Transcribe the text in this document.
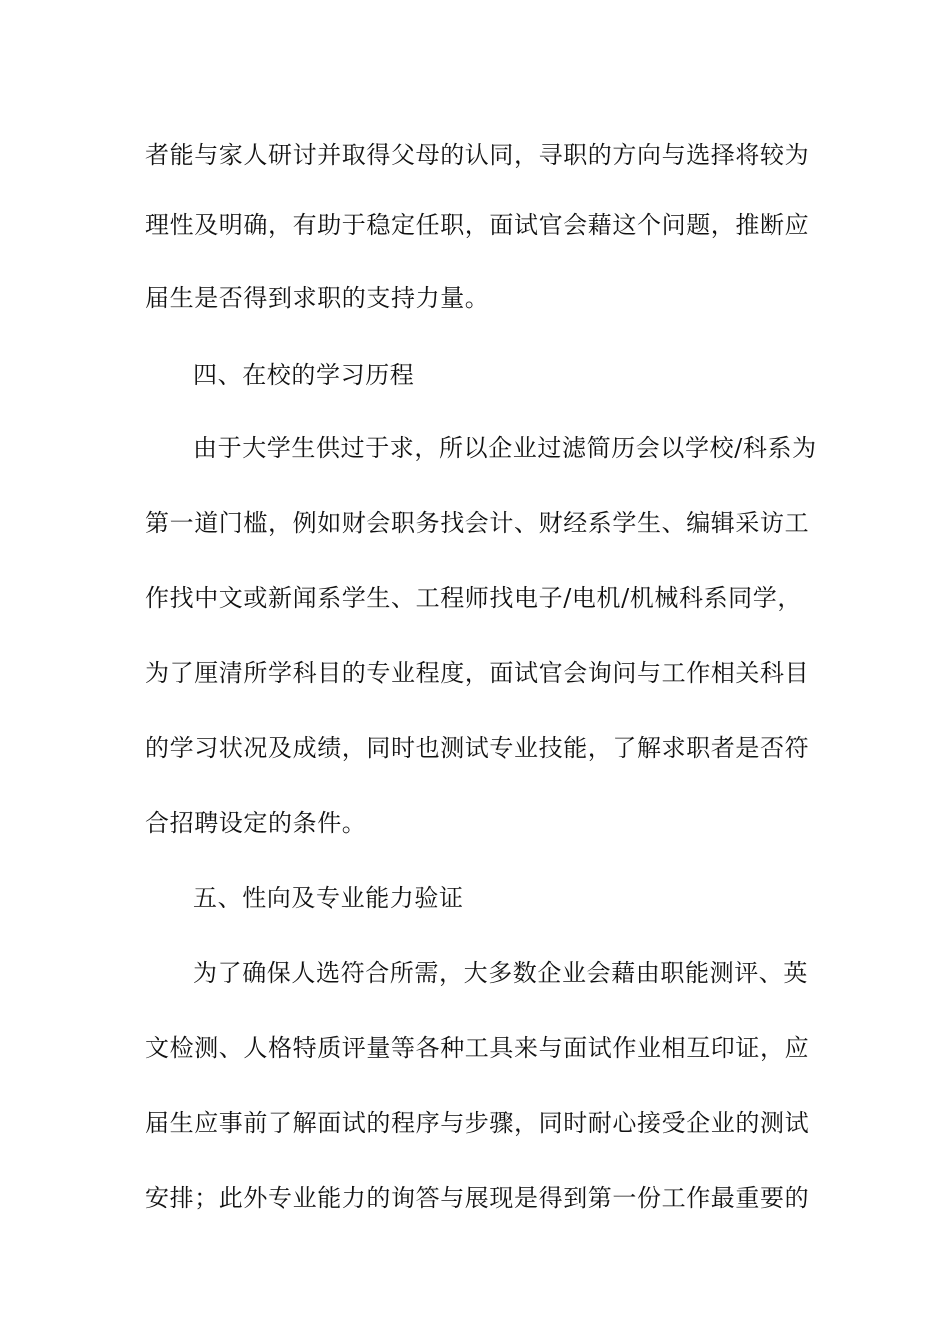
者能与家人研讨并取得父母的认同，寻职的方向与选择将较为
理性及明确，有助于稳定任职，面试官会藉这个问题，推断应
届生是否得到求职的支持力量。
四、在校的学习历程
由于大学生供过于求，所以企业过滤简历会以学校/科系为
第一道门槛，例如财会职务找会计、财经系学生、编辑采访工
作找中文或新闻系学生、工程师找电子/电机/机械科系同学，
为了厘清所学科目的专业程度，面试官会询问与工作相关科目
的学习状况及成绩，同时也测试专业技能，了解求职者是否符
合招聘设定的条件。
五、性向及专业能力验证
为了确保人选符合所需，大多数企业会藉由职能测评、英
文检测、人格特质评量等各种工具来与面试作业相互印证，应
届生应事前了解面试的程序与步骤，同时耐心接受企业的测试
安排；此外专业能力的询答与展现是得到第一份工作最重要的
